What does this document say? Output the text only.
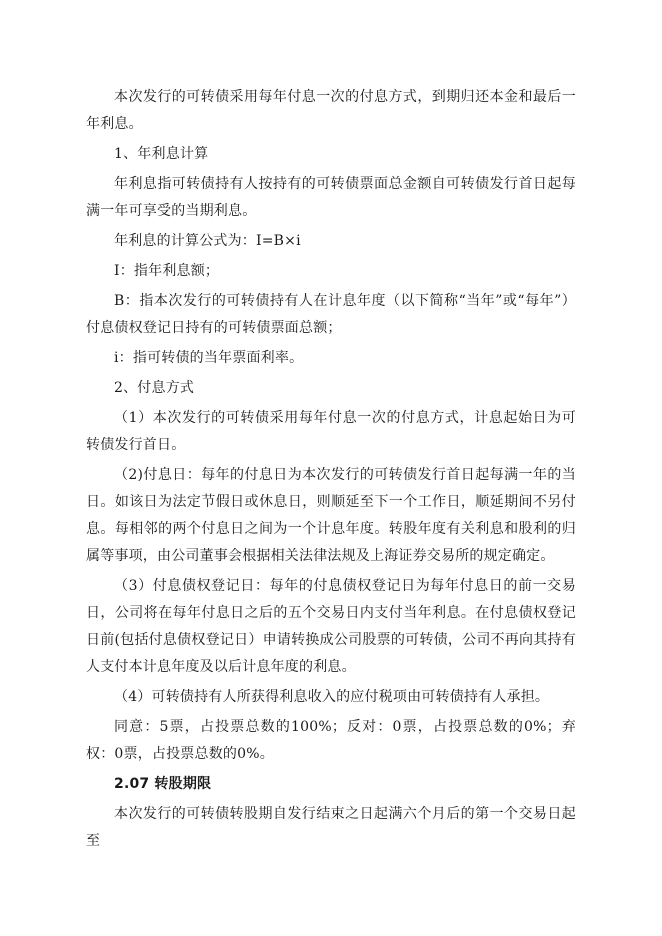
本次发行的可转债采用每年付息一次的付息方式，到期归还本金和最后一年利息。

1、年利息计算

年利息指可转债持有人按持有的可转债票面总金额自可转债发行首日起每满一年可享受的当期利息。

年利息的计算公式为：I=B×i

I：指年利息额；

B：指本次发行的可转债持有人在计息年度（以下简称“当年”或“每年”）付息债权登记日持有的可转债票面总额；

i：指可转债的当年票面利率。

2、付息方式

（1）本次发行的可转债采用每年付息一次的付息方式，计息起始日为可转债发行首日。

（2)付息日：每年的付息日为本次发行的可转债发行首日起每满一年的当日。如该日为法定节假日或休息日，则顺延至下一个工作日，顺延期间不另付息。每相邻的两个付息日之间为一个计息年度。转股年度有关利息和股利的归属等事项，由公司董事会根据相关法律法规及上海证券交易所的规定确定。

（3）付息债权登记日：每年的付息债权登记日为每年付息日的前一交易日，公司将在每年付息日之后的五个交易日内支付当年利息。在付息债权登记日前(包括付息债权登记日）申请转换成公司股票的可转债，公司不再向其持有人支付本计息年度及以后计息年度的利息。

（4）可转债持有人所获得利息收入的应付税项由可转债持有人承担。

同意：5票，占投票总数的100%；反对：0票，占投票总数的0%；弃权：0票，占投票总数的0%。

2.07 转股期限

本次发行的可转债转股期自发行结束之日起满六个月后的第一个交易日起至
